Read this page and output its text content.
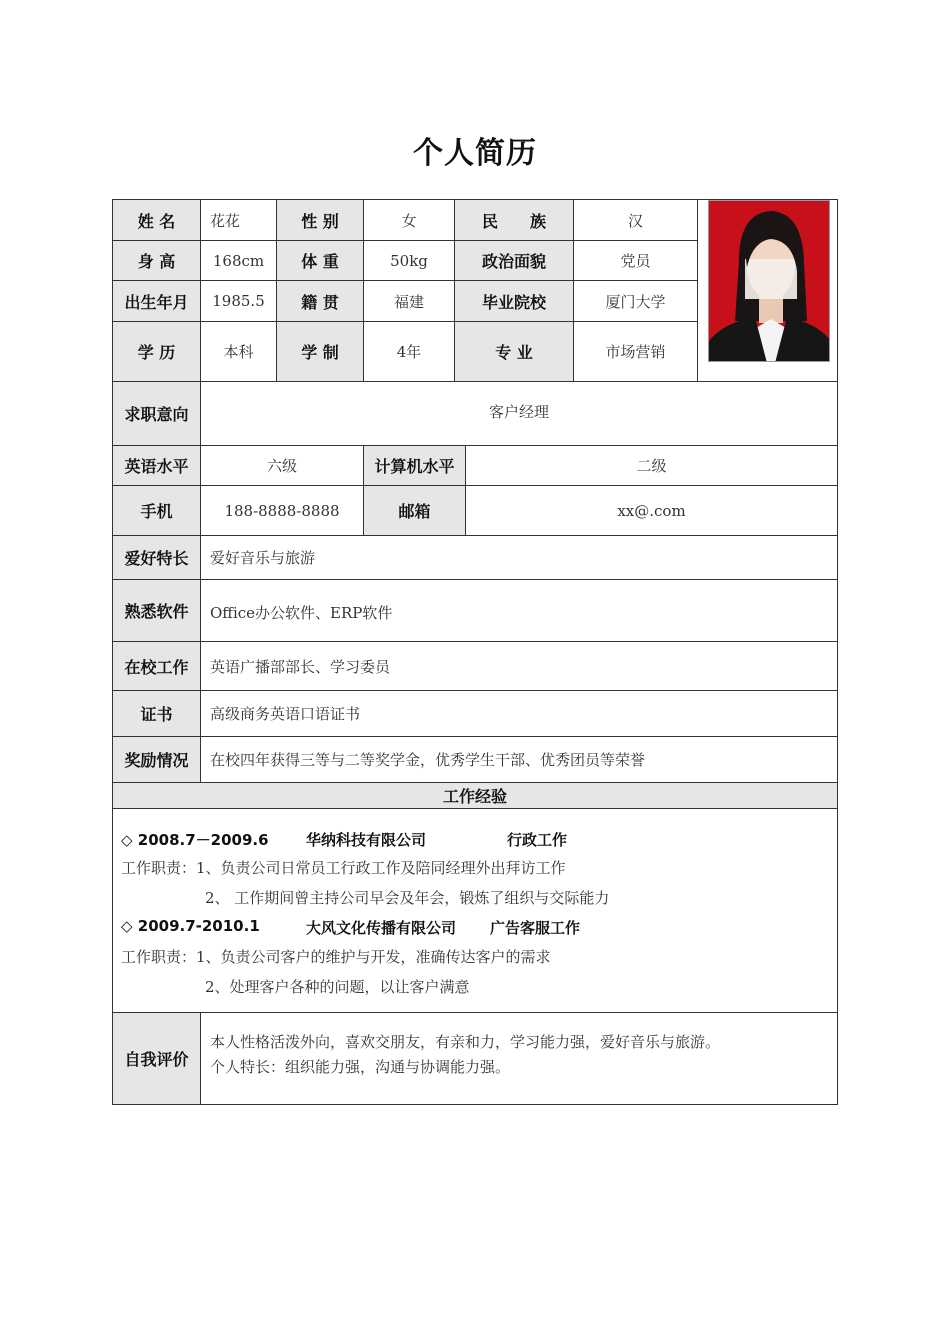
个人简历
姓 名	花花	性 别	女	民　　族	汉
身 高	168cm	体 重	50kg	政治面貌	党员
出生年月	1985.5	籍 贯	福建	毕业院校	厦门大学
学 历	本科	学 制	4年	专 业	市场营销
求职意向	客户经理
英语水平	六级	计算机水平	二级
手机	188-8888-8888	邮箱	xx@.com
爱好特长	爱好音乐与旅游
熟悉软件	Office办公软件、ERP软件
在校工作	英语广播部部长、学习委员
证书	高级商务英语口语证书
奖励情况	在校四年获得三等与二等奖学金，优秀学生干部、优秀团员等荣誉
工作经验
◇ 2008.7－2009.6 华纳科技有限公司	行政工作
工作职责：1、负责公司日常员工行政工作及陪同经理外出拜访工作
2、 工作期间曾主持公司早会及年会，锻炼了组织与交际能力
◇ 2009.7-2010.1	大风文化传播有限公司 广告客服工作
工作职责：1、负责公司客户的维护与开发，准确传达客户的需求
2、处理客户各种的问题，以让客户满意
自我评价
本人性格活泼外向，喜欢交朋友，有亲和力，学习能力强，爱好音乐与旅游。
个人特长：组织能力强，沟通与协调能力强。
